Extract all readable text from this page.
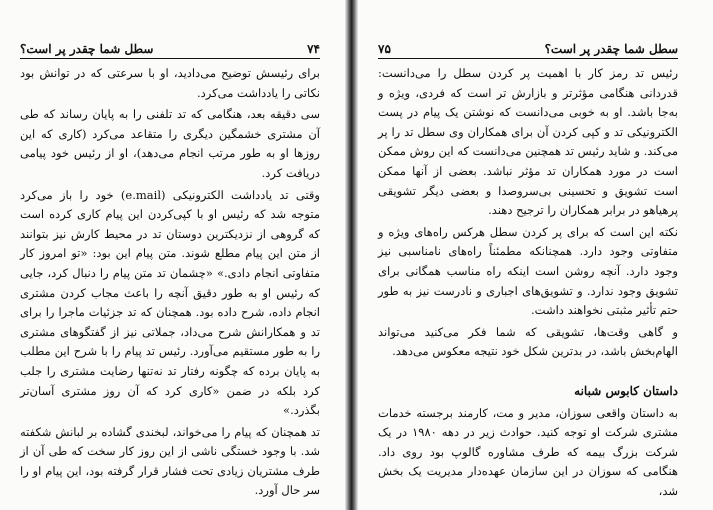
۷۴
سطل شما چقدر پر است؟

برای رئیسش توضیح می‌دادید، او با سرعتی که در توانش بود نکاتی را یادداشت می‌کرد.

سی دقیقه بعد، هنگامی که تد تلفنی را به پایان رساند که طی آن مشتری خشمگین دیگری را متقاعد می‌کرد (کاری که این روزها او به طور مرتب انجام می‌دهد)، او از رئیس خود پیامی دریافت کرد.

وقتی تد یادداشت الکترونیکی (e.mail) خود را باز می‌کرد متوجه شد که رئیس او با کپی‌کردن این پیام کاری کرده است که گروهی از نزدیکترین دوستان تد در محیط کارش نیز بتوانند از متن این پیام مطلع شوند. متن پیام این بود: «تو امروز کار متفاوتی انجام دادی.» «چشمان تد متن پیام را دنبال کرد، جایی که رئیس او به طور دقیق آنچه را باعث مجاب کردن مشتری انجام داده، شرح داده بود. همچنان که تد جزئیات ماجرا را برای تد و همکارانش شرح می‌داد، جملاتی نیز از گفتگوهای مشتری را به طور مستقیم می‌آورد. رئیس تد پیام را با شرح این مطلب به پایان برده که چگونه رفتار تد نه‌تنها رضایت مشتری را جلب کرد بلکه در ضمن «کاری کرد که آن روز مشتری آسان‌تر بگذرد.»

تد همچنان که پیام را می‌خواند، لبخندی گشاده بر لبانش شکفته شد. با وجود خستگی ناشی از این روز کار سخت که طی آن از طرف مشتریان زیادی تحت فشار قرار گرفته بود، این پیام او را سر حال آورد.

سطل شما چقدر پر است؟
۷۵

رئیس تد رمز کار با اهمیت پر کردن سطل را می‌دانست: قدردانی هنگامی مؤثرتر و بازارش تر است که فردی، ویژه و به‌جا باشد. او به خوبی می‌دانست که نوشتن یک پیام در پست الکترونیکی تد و کپی کردن آن برای همکاران وی سطل تد را پر می‌کند. و شاید رئیس تد همچنین می‌دانست که این روش ممکن است در مورد همکاران تد مؤثر نباشد. بعضی از آنها ممکن است تشویق و تحسینی بی‌سروصدا و بعضی دیگر تشویقی پرهیاهو در برابر همکاران را ترجیح دهند.

نکته این است که برای پر کردن سطل هرکس راه‌های ویژه و متفاوتی وجود دارد. همچنانکه مطمئناً راه‌های نامناسبی نیز وجود دارد. آنچه روشن است اینکه راه مناسب همگانی برای تشویق وجود ندارد. و تشویق‌های اجباری و نادرست نیز به طور حتم تأثیر مثبتی نخواهند داشت.

و گاهی وقت‌ها، تشویقی که شما فکر می‌کنید می‌تواند الهام‌بخش باشد، در بدترین شکل خود نتیجه معکوس می‌دهد.

داستان کابوس شبانه

به داستان واقعی سوزان، مدیر و مت، کارمند برجسته خدمات مشتری شرکت او توجه کنید. حوادث زیر در دهه ۱۹۸۰ در یک شرکت بزرگ بیمه که طرف مشاوره گالوپ بود روی داد. هنگامی که سوزان در این سازمان عهده‌دار مدیریت یک بخش شد،
